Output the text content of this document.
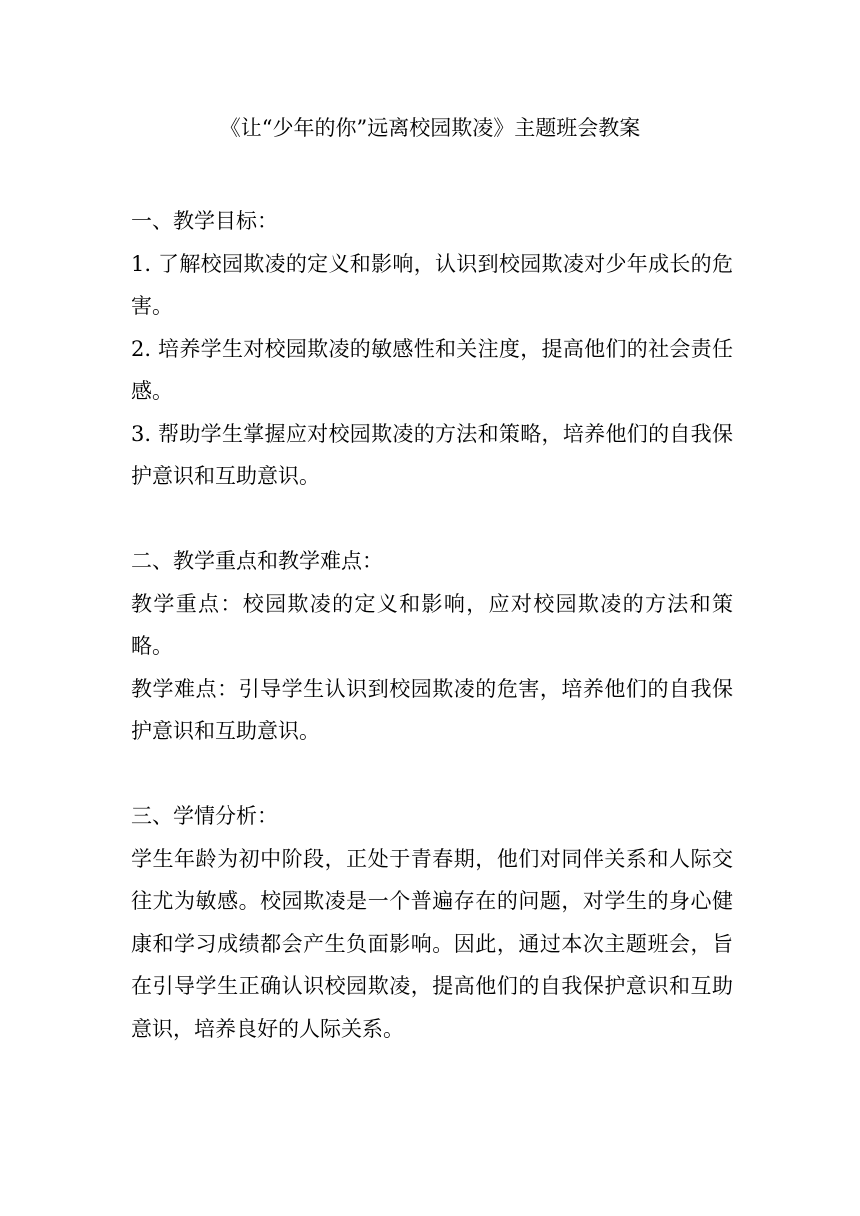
《让“少年的你”远离校园欺凌》主题班会教案
一、教学目标：

1. 了解校园欺凌的定义和影响，认识到校园欺凌对少年成长的危害。

2. 培养学生对校园欺凌的敏感性和关注度，提高他们的社会责任感。

3. 帮助学生掌握应对校园欺凌的方法和策略，培养他们的自我保护意识和互助意识。

二、教学重点和教学难点：

教学重点：校园欺凌的定义和影响，应对校园欺凌的方法和策略。

教学难点：引导学生认识到校园欺凌的危害，培养他们的自我保护意识和互助意识。

三、学情分析：

学生年龄为初中阶段，正处于青春期，他们对同伴关系和人际交往尤为敏感。校园欺凌是一个普遍存在的问题，对学生的身心健康和学习成绩都会产生负面影响。因此，通过本次主题班会，旨在引导学生正确认识校园欺凌，提高他们的自我保护意识和互助意识，培养良好的人际关系。
